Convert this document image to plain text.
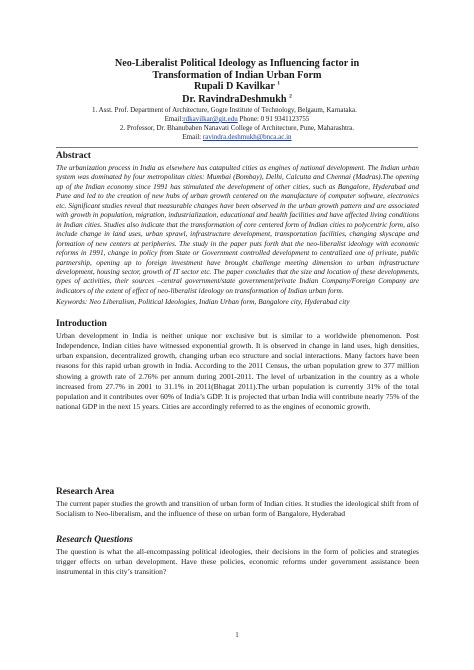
Neo-Liberalist Political Ideology as Influencing factor in
Transformation of Indian Urban Form
Rupali D Kavilkar $^1$
Dr. RavindraDeshmukh $^2$
1. Asst. Prof. Department of Architecture, Gogte Institute of Technology, Belgaum, Karnataka.
Email:rdkavilkar@git.edu Phone: 0 91 9341123755
2. Professor, Dr. Bhanubahen Nanavati College of Architecture, Pune, Maharashtra.
Email: ravindra.deshmukh@bnca.ac.in
Abstract
The urbanization process in India as elsewhere has catapulted cities as engines of national development. The Indian urban system was dominated by four metropolitan cities: Mumbai (Bombay), Delhi, Calcutta and Chennai (Madras).The opening up of the Indian economy since 1991 has stimulated the development of other cities, such as Bangalore, Hyderabad and Pune and led to the creation of new hubs of urban growth centered on the manufacture of computer software, electronics etc. Significant studies reveal that measurable changes have been observed in the urban growth pattern and are associated with growth in population, migration, industrialization, educational and health facilities and have affected living conditions in Indian cities. Studies also indicate that the transformation of core centered form of Indian cities to polycentric form, also include change in land uses, urban sprawl, infrastructure development, transportation facilities, changing skyscape and formation of new centers at peripheries. The study in the paper puts forth that the neo-liberalist ideology with economic reforms in 1991, change in policy from State or Government controlled development to centralized one of private, public partnership, opening up to foreign investment have brought challenge meeting dimension to urban infrastructure development, housing sector, growth of IT sector etc. The paper concludes that the size and location of these developments, types of activities, their sources –central government/state government/private Indian Company/Foreign Company are indicators of the extent of effect of neo-liberalist ideology on transformation of Indian urban form.
Keywords: Neo Liberalism, Political Ideologies, Indian Urban form, Bangalore city, Hyderabad city
Introduction
Urban development in India is neither unique nor exclusive but is similar to a worldwide phenomenon. Post Independence, Indian cities have witnessed exponential growth. It is observed in change in land uses, high densities, urban expansion, decentralized growth, changing urban eco structure and social interactions. Many factors have been reasons for this rapid urban growth in India. According to the 2011 Census, the urban population grew to 377 million showing a growth rate of 2.76% per annum during 2001-2011. The level of urbanization in the country as a whole increased from 27.7% in 2001 to 31.1% in 2011(Bhagat 2011).The urban population is currently 31% of the total population and it contributes over 60% of India’s GDP. It is projected that urban India will contribute nearly 75% of the national GDP in the next 15 years. Cities are accordingly referred to as the engines of economic growth.
Research Area
The current paper studies the growth and transition of urban form of Indian cities. It studies the ideological shift from of Socialism to Neo-liberalism, and the influence of these on urban form of Bangalore, Hyderabad
Research Questions
The question is what the all-encompassing political ideologies, their decisions in the form of policies and strategies trigger effects on urban development. Have these policies, economic reforms under government assistance been instrumental in this city’s transition?
1
